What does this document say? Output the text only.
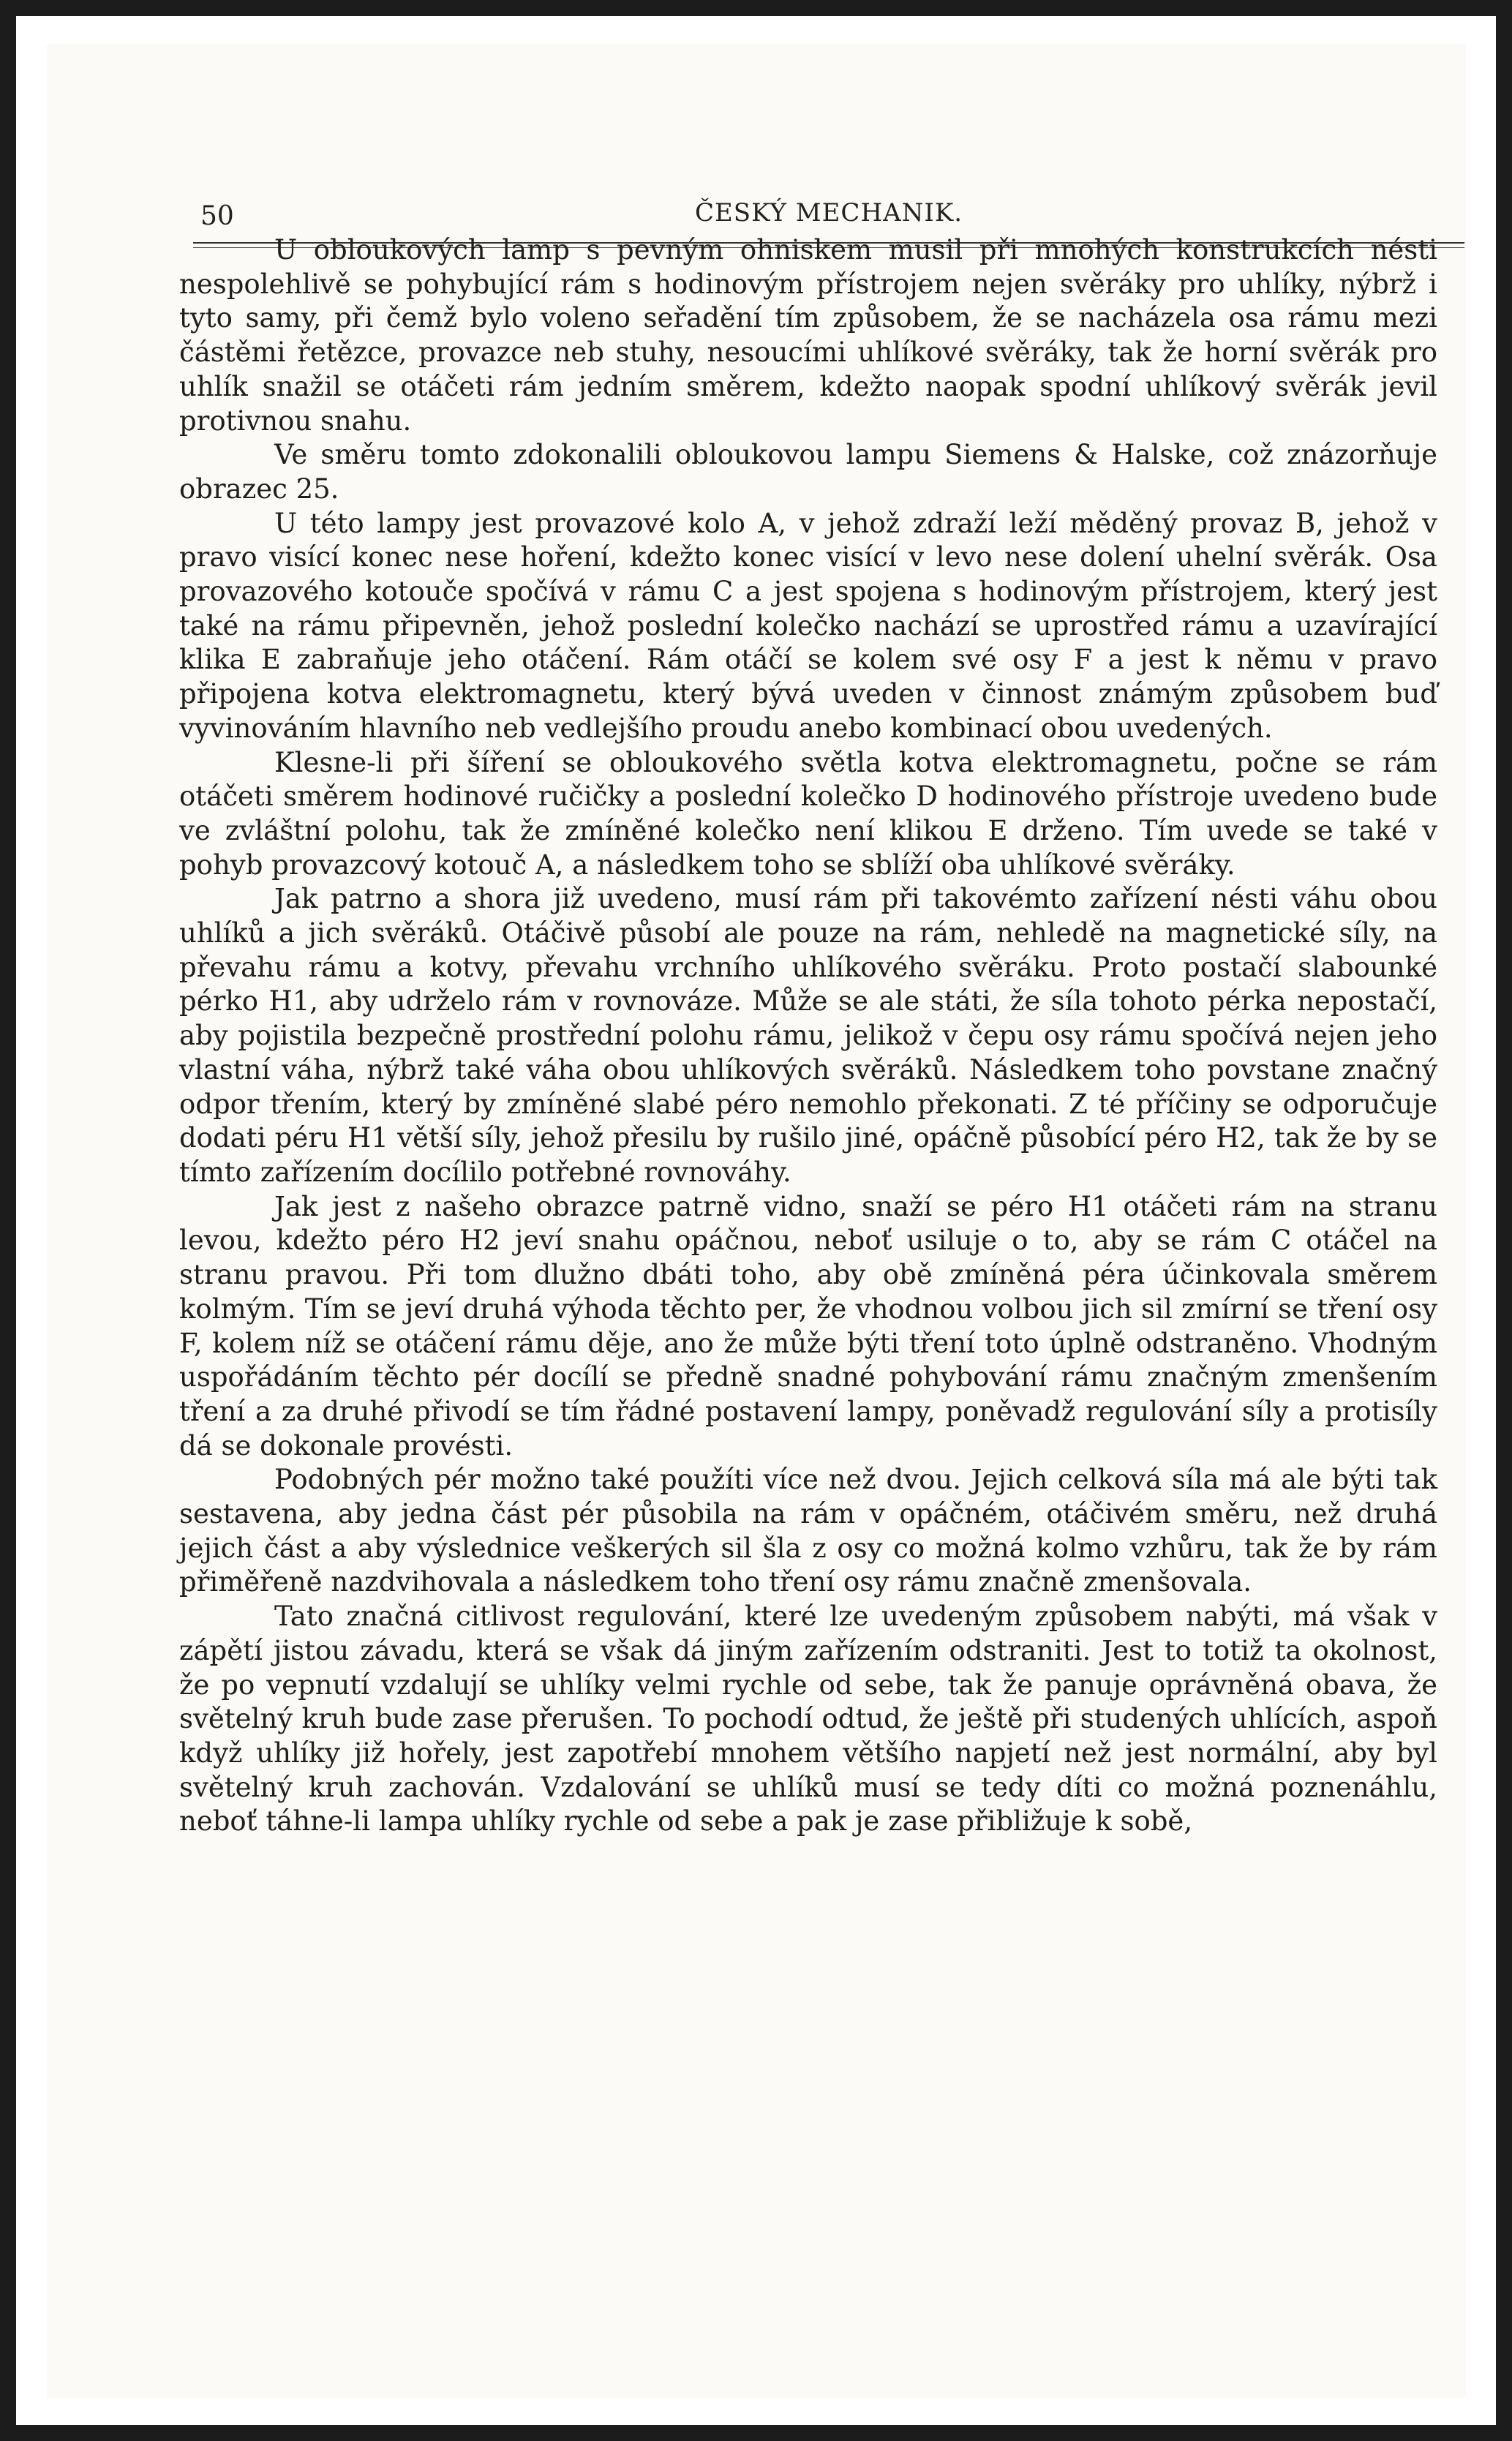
50	ČESKÝ MECHANIK.

U obloukových lamp s pevným ohniskem musil při mnohých konstrukcích nésti nespolehlivě se pohybující rám s hodinovým přístrojem nejen svěráky pro uhlíky, nýbrž i tyto samy, při čemž bylo voleno seřadění tím způsobem, že se nacházela osa rámu mezi částěmi řetězce, provazce neb stuhy, nesoucími uhlíkové svěráky, tak že horní svěrák pro uhlík snažil se otáčeti rám jedním směrem, kdežto naopak spodní uhlíkový svěrák jevil protivnou snahu.

Ve směru tomto zdokonalili obloukovou lampu Siemens & Halske, což znázorňuje obrazec 25.

U této lampy jest provazové kolo A, v jehož zdraží leží měděný provaz B, jehož v pravo visící konec nese hoření, kdežto konec visící v levo nese dolení uhelní svěrák. Osa provazového kotouče spočívá v rámu C a jest spojena s hodinovým přístrojem, který jest také na rámu připevněn, jehož poslední kolečko nachází se uprostřed rámu a uzavírající klika E zabraňuje jeho otáčení. Rám otáčí se kolem své osy F a jest k němu v pravo připojena kotva elektromagnetu, který bývá uveden v činnost známým způsobem buď vyvinováním hlavního neb vedlejšího proudu anebo kombinací obou uvedených.

Klesne-li při šíření se obloukového světla kotva elektromagnetu, počne se rám otáčeti směrem hodinové ručičky a poslední kolečko D hodinového přístroje uvedeno bude ve zvláštní polohu, tak že zmíněné kolečko není klikou E drženo. Tím uvede se také v pohyb provazcový kotouč A, a následkem toho se sblíží oba uhlíkové svěráky.

Jak patrno a shora již uvedeno, musí rám při takovémto zařízení nésti váhu obou uhlíků a jich svěráků. Otáčivě působí ale pouze na rám, nehledě na magnetické síly, na převahu rámu a kotvy, převahu vrchního uhlíkového svěráku. Proto postačí slabounké pérko H1, aby udrželo rám v rovnováze. Může se ale státi, že síla tohoto pérka nepostačí, aby pojistila bezpečně prostřední polohu rámu, jelikož v čepu osy rámu spočívá nejen jeho vlastní váha, nýbrž také váha obou uhlíkových svěráků. Následkem toho povstane značný odpor třením, který by zmíněné slabé péro nemohlo překonati. Z té příčiny se odporučuje dodati péru H1 větší síly, jehož přesilu by rušilo jiné, opáčně působící péro H2, tak že by se tímto zařízením docílilo potřebné rovnováhy.

Jak jest z našeho obrazce patrně vidno, snaží se péro H1 otáčeti rám na stranu levou, kdežto péro H2 jeví snahu opáčnou, neboť usiluje o to, aby se rám C otáčel na stranu pravou. Při tom dlužno dbáti toho, aby obě zmíněná péra účinkovala směrem kolmým. Tím se jeví druhá výhoda těchto per, že vhodnou volbou jich sil zmírní se tření osy F, kolem níž se otáčení rámu děje, ano že může býti tření toto úplně odstraněno. Vhodným uspořádáním těchto pér docílí se předně snadné pohybování rámu značným zmenšením tření a za druhé přivodí se tím řádné postavení lampy, poněvadž regulování síly a protisíly dá se dokonale provésti.

Podobných pér možno také použíti více než dvou. Jejich celková síla má ale býti tak sestavena, aby jedna část pér působila na rám v opáčném, otáčivém směru, než druhá jejich část a aby výslednice veškerých sil šla z osy co možná kolmo vzhůru, tak že by rám přiměřeně nazdvihovala a následkem toho tření osy rámu značně zmenšovala.

Tato značná citlivost regulování, které lze uvedeným způsobem nabýti, má však v zápětí jistou závadu, která se však dá jiným zařízením odstraniti. Jest to totiž ta okolnost, že po vepnutí vzdalují se uhlíky velmi rychle od sebe, tak že panuje oprávněná obava, že světelný kruh bude zase přerušen. To pochodí odtud, že ještě při studených uhlících, aspoň když uhlíky již hořely, jest zapotřebí mnohem většího napjetí než jest normální, aby byl světelný kruh zachován. Vzdalování se uhlíků musí se tedy díti co možná poznenáhlu, neboť táhne-li lampa uhlíky rychle od sebe a pak je zase přibližuje k sobě,
